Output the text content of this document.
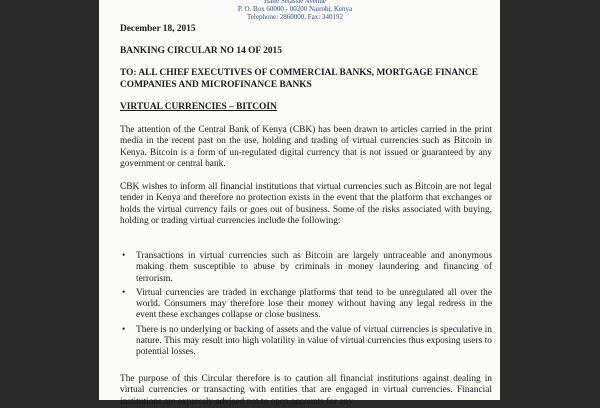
Haile Selassie Avenue
P. O. Box 60000 - 00200 Nairobi, Kenya
Telephone: 2860000, Fax: 340192
December 18, 2015
BANKING CIRCULAR NO 14 OF 2015
TO: ALL CHIEF EXECUTIVES OF COMMERCIAL BANKS, MORTGAGE FINANCE COMPANIES AND MICROFINANCE BANKS
VIRTUAL CURRENCIES – BITCOIN
The attention of the Central Bank of Kenya (CBK) has been drawn to articles carried in the print media in the recent past on the use, holding and trading of virtual currencies such as Bitcoin in Kenya. Bitcoin is a form of un-regulated digital currency that is not issued or guaranteed by any government or central bank.
CBK wishes to inform all financial institutions that virtual currencies such as Bitcoin are not legal tender in Kenya and therefore no protection exists in the event that the platform that exchanges or holds the virtual currency fails or goes out of business. Some of the risks associated with buying, holding or trading virtual currencies include the following:
• Transactions in virtual currencies such as Bitcoin are largely untraceable and anonymous making them susceptible to abuse by criminals in money laundering and financing of terrorism.
• Virtual currencies are traded in exchange platforms that tend to be unregulated all over the world. Consumers may therefore lose their money without having any legal redress in the event these exchanges collapse or close business.
• There is no underlying or backing of assets and the value of virtual currencies is speculative in nature. This may result into high volatility in value of virtual currencies thus exposing users to potential losses.
The purpose of this Circular therefore is to caution all financial institutions against dealing in virtual currencies or transacting with entities that are engaged in virtual currencies. Financial institutions are expressly advised not to open accounts for any
